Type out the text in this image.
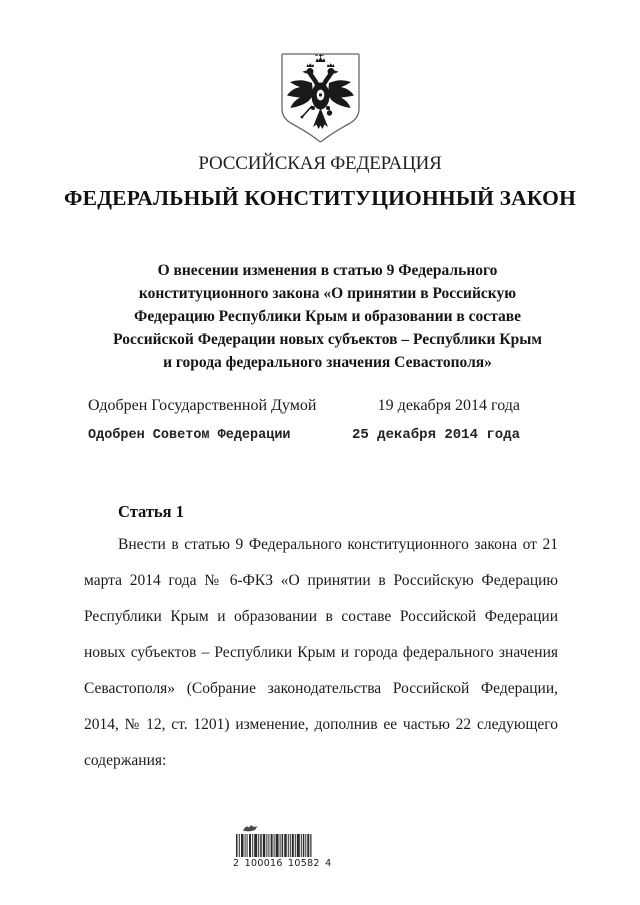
РОССИЙСКАЯ ФЕДЕРАЦИЯ
ФЕДЕРАЛЬНЫЙ КОНСТИТУЦИОННЫЙ ЗАКОН
О внесении изменения в статью 9 Федерального
конституционного закона «О принятии в Российскую
Федерацию Республики Крым и образовании в составе
Российской Федерации новых субъектов – Республики Крым
и города федерального значения Севастополя»
Одобрен Государственной Думой	19 декабря 2014 года
Одобрен Советом Федерации	25 декабря 2014 года
Статья 1

Внести в статью 9 Федерального конституционного закона от 21 марта 2014 года № 6-ФКЗ «О принятии в Российскую Федерацию Республики Крым и образовании в составе Российской Федерации новых субъектов – Республики Крым и города федерального значения Севастополя» (Собрание законодательства Российской Федерации, 2014, № 12, ст. 1201) изменение, дополнив ее частью 22 следующего содержания:

2 100016 10582 4
